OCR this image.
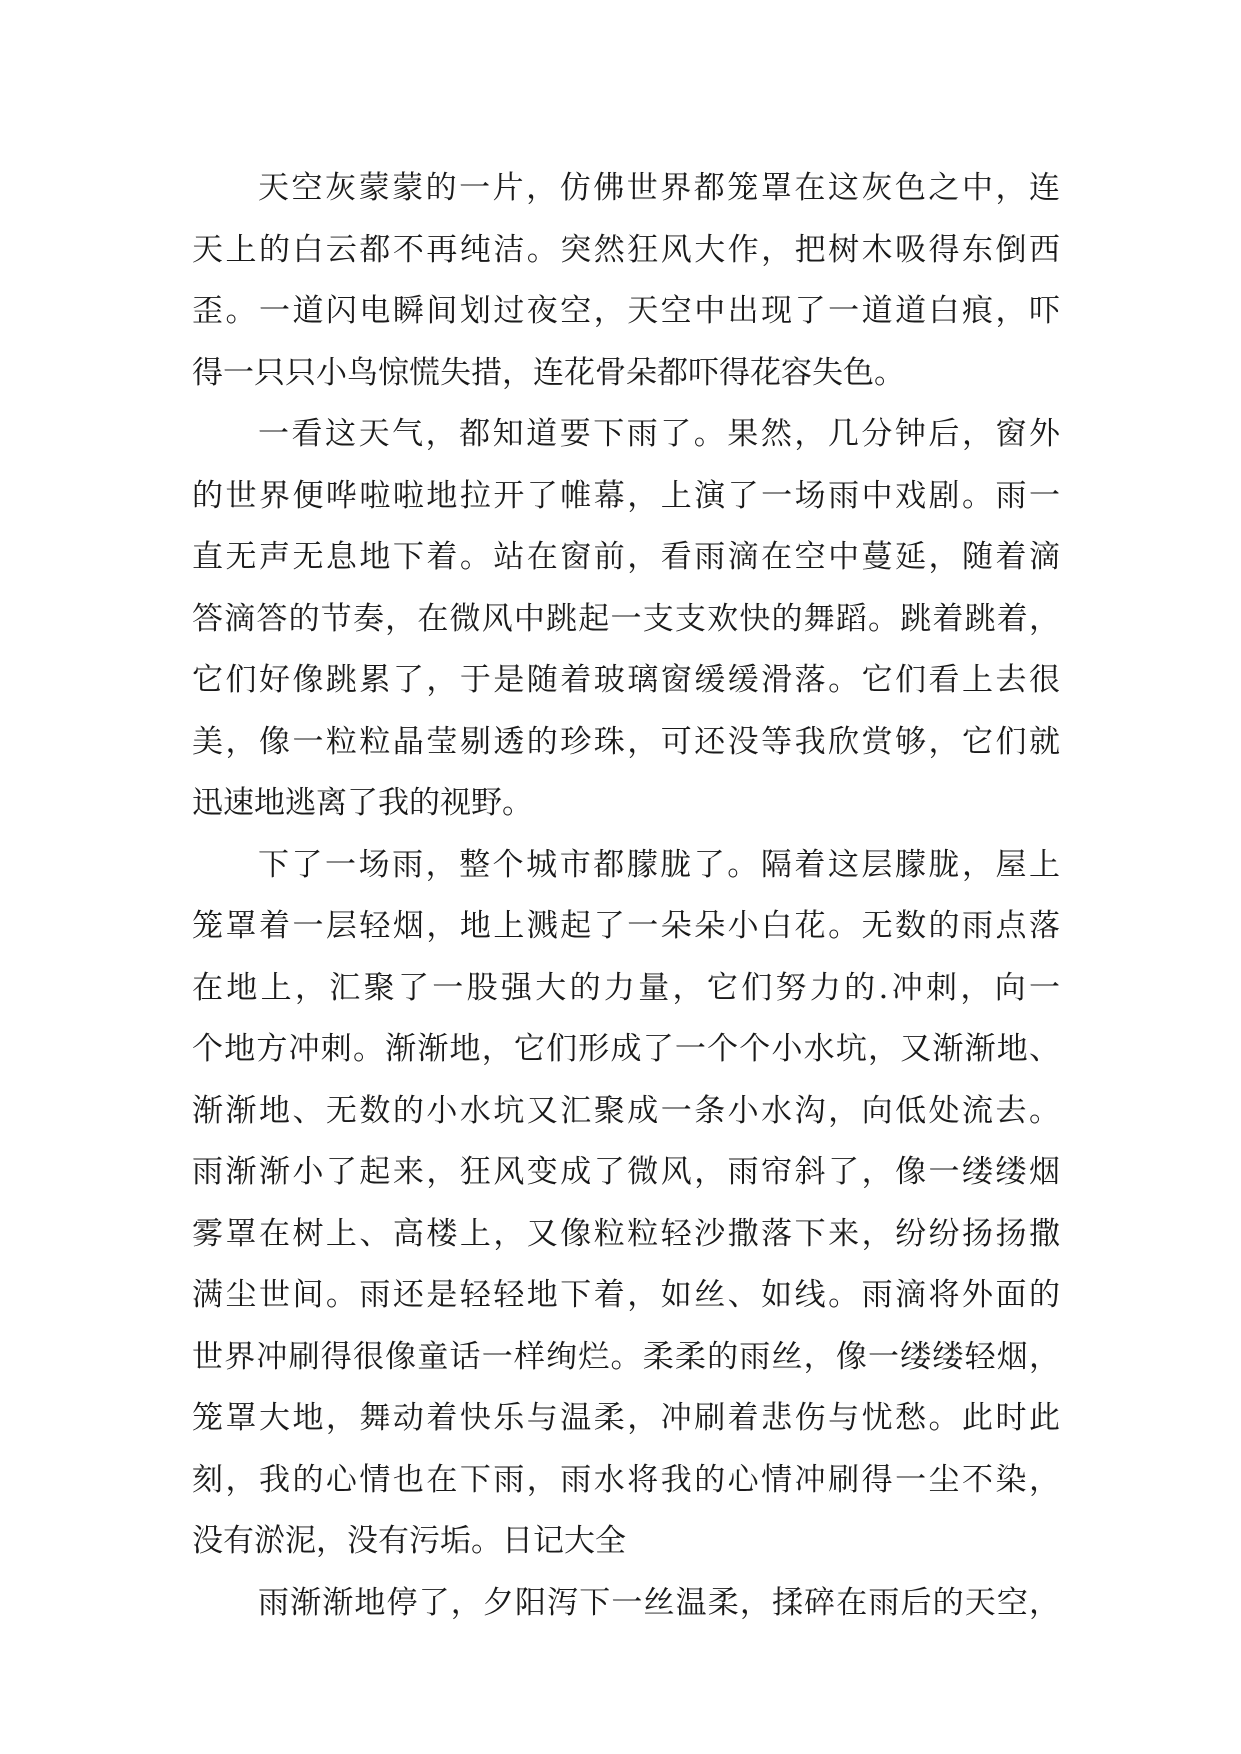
天空灰蒙蒙的一片，仿佛世界都笼罩在这灰色之中，连
天上的白云都不再纯洁。突然狂风大作，把树木吸得东倒西
歪。一道闪电瞬间划过夜空，天空中出现了一道道白痕，吓
得一只只小鸟惊慌失措，连花骨朵都吓得花容失色。
一看这天气，都知道要下雨了。果然，几分钟后，窗外
的世界便哗啦啦地拉开了帷幕，上演了一场雨中戏剧。雨一
直无声无息地下着。站在窗前，看雨滴在空中蔓延，随着滴
答滴答的节奏，在微风中跳起一支支欢快的舞蹈。跳着跳着，
它们好像跳累了，于是随着玻璃窗缓缓滑落。它们看上去很
美，像一粒粒晶莹剔透的珍珠，可还没等我欣赏够，它们就
迅速地逃离了我的视野。
下了一场雨，整个城市都朦胧了。隔着这层朦胧，屋上
笼罩着一层轻烟，地上溅起了一朵朵小白花。无数的雨点落
在地上，汇聚了一股强大的力量，它们努力的.冲刺，向一
个地方冲刺。渐渐地，它们形成了一个个小水坑，又渐渐地、
渐渐地、无数的小水坑又汇聚成一条小水沟，向低处流去。
雨渐渐小了起来，狂风变成了微风，雨帘斜了，像一缕缕烟
雾罩在树上、高楼上，又像粒粒轻沙撒落下来，纷纷扬扬撒
满尘世间。雨还是轻轻地下着，如丝、如线。雨滴将外面的
世界冲刷得很像童话一样绚烂。柔柔的雨丝，像一缕缕轻烟，
笼罩大地，舞动着快乐与温柔，冲刷着悲伤与忧愁。此时此
刻，我的心情也在下雨，雨水将我的心情冲刷得一尘不染，
没有淤泥，没有污垢。日记大全
雨渐渐地停了，夕阳泻下一丝温柔，揉碎在雨后的天空，
